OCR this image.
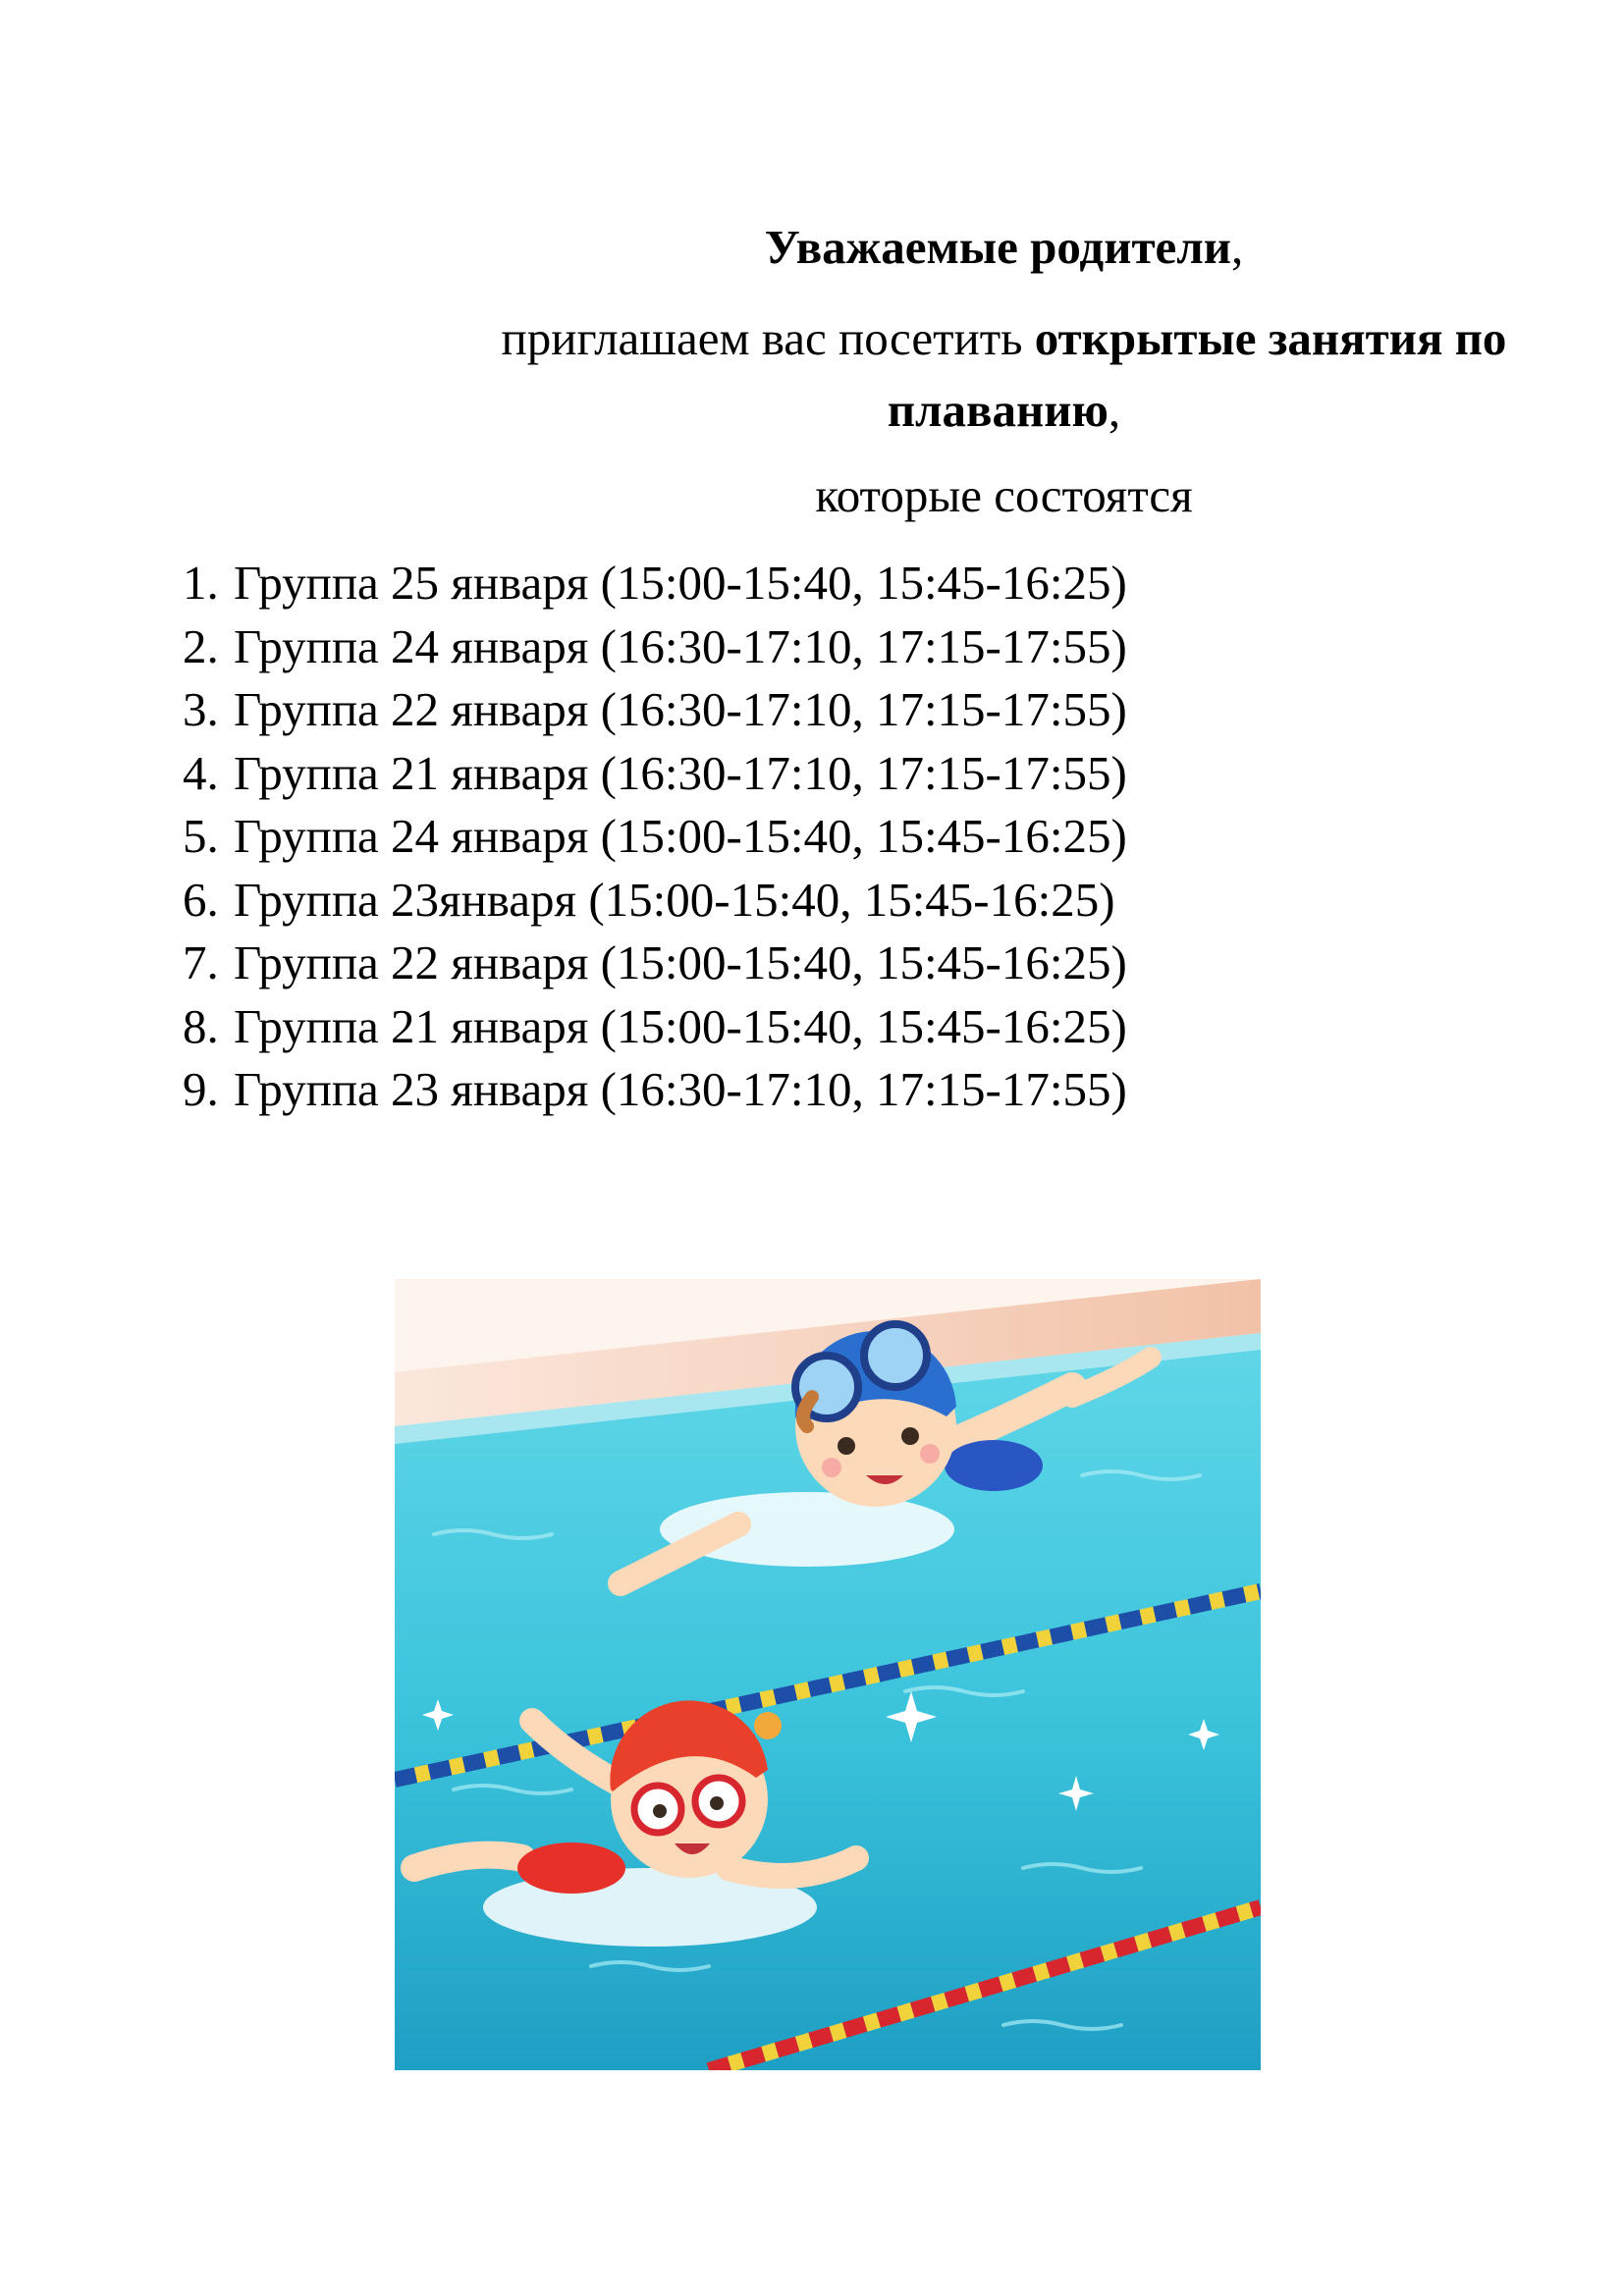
Уважаемые родители,
приглашаем вас посетить открытые занятия по
плаванию,
которые состоятся
1. Группа 25 января (15:00-15:40, 15:45-16:25)
2. Группа 24 января (16:30-17:10, 17:15-17:55)
3. Группа 22 января (16:30-17:10, 17:15-17:55)
4. Группа 21 января (16:30-17:10, 17:15-17:55)
5. Группа 24 января (15:00-15:40, 15:45-16:25)
6. Группа 23января (15:00-15:40, 15:45-16:25)
7. Группа 22 января (15:00-15:40, 15:45-16:25)
8. Группа 21 января (15:00-15:40, 15:45-16:25)
9. Группа 23 января (16:30-17:10, 17:15-17:55)
